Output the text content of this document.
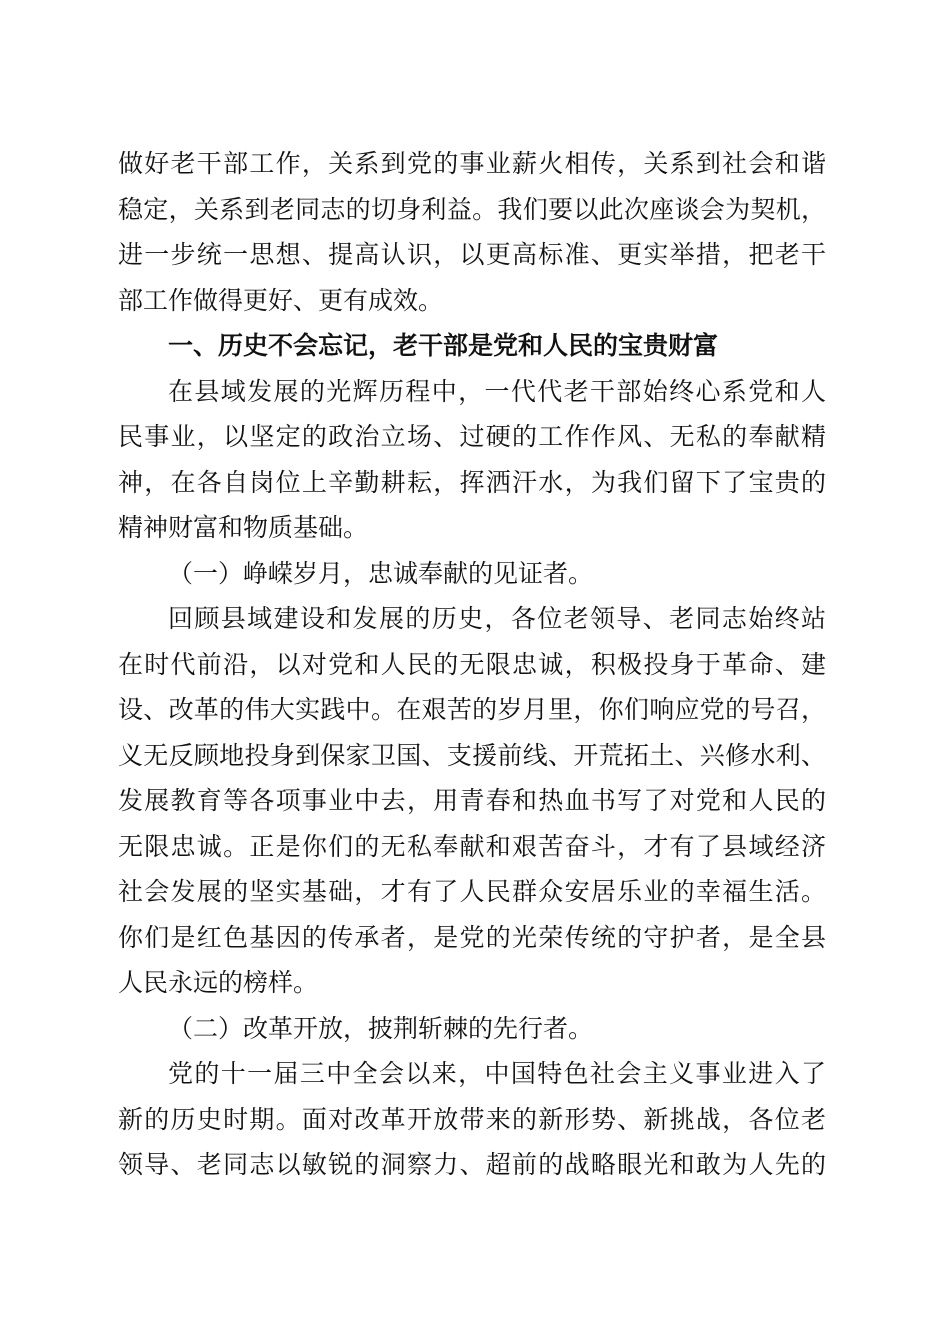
做好老干部工作，关系到党的事业薪火相传，关系到社会和谐
稳定，关系到老同志的切身利益。我们要以此次座谈会为契机，
进一步统一思想、提高认识，以更高标准、更实举措，把老干
部工作做得更好、更有成效。
一、历史不会忘记，老干部是党和人民的宝贵财富
在县域发展的光辉历程中，一代代老干部始终心系党和人
民事业，以坚定的政治立场、过硬的工作作风、无私的奉献精
神，在各自岗位上辛勤耕耘，挥洒汗水，为我们留下了宝贵的
精神财富和物质基础。
（一）峥嵘岁月，忠诚奉献的见证者。
回顾县域建设和发展的历史，各位老领导、老同志始终站
在时代前沿，以对党和人民的无限忠诚，积极投身于革命、建
设、改革的伟大实践中。在艰苦的岁月里，你们响应党的号召，
义无反顾地投身到保家卫国、支援前线、开荒拓土、兴修水利、
发展教育等各项事业中去，用青春和热血书写了对党和人民的
无限忠诚。正是你们的无私奉献和艰苦奋斗，才有了县域经济
社会发展的坚实基础，才有了人民群众安居乐业的幸福生活。
你们是红色基因的传承者，是党的光荣传统的守护者，是全县
人民永远的榜样。
（二）改革开放，披荆斩棘的先行者。
党的十一届三中全会以来，中国特色社会主义事业进入了
新的历史时期。面对改革开放带来的新形势、新挑战，各位老
领导、老同志以敏锐的洞察力、超前的战略眼光和敢为人先的
